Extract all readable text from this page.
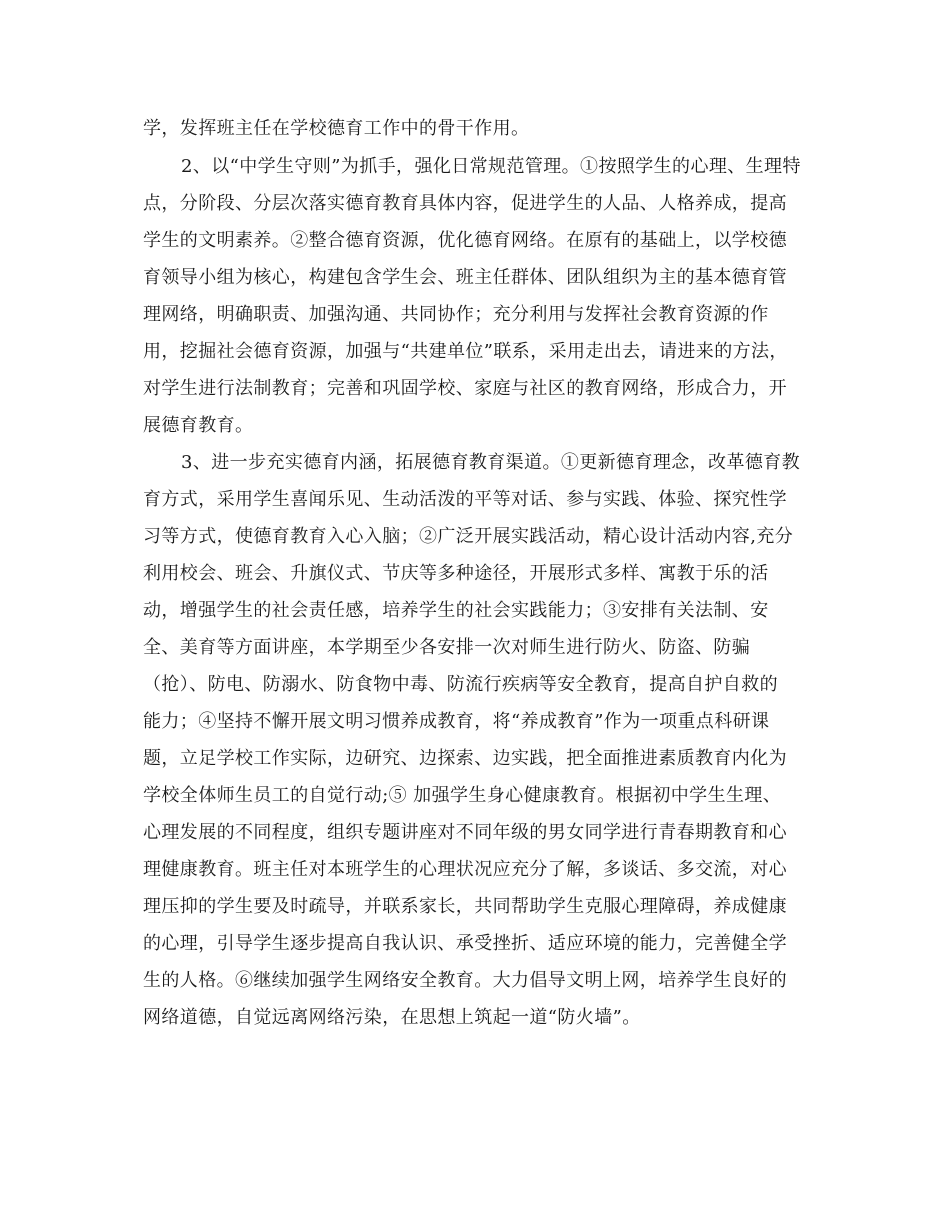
学，发挥班主任在学校德育工作中的骨干作用。
2、以“中学生守则”为抓手，强化日常规范管理。①按照学生的心理、生理特
点，分阶段、分层次落实德育教育具体内容，促进学生的人品、人格养成，提高
学生的文明素养。②整合德育资源，优化德育网络。在原有的基础上，以学校德
育领导小组为核心，构建包含学生会、班主任群体、团队组织为主的基本德育管
理网络，明确职责、加强沟通、共同协作；充分利用与发挥社会教育资源的作
用，挖掘社会德育资源，加强与“共建单位”联系，采用走出去，请进来的方法，
对学生进行法制教育；完善和巩固学校、家庭与社区的教育网络，形成合力，开
展德育教育。
3、进一步充实德育内涵，拓展德育教育渠道。①更新德育理念，改革德育教
育方式，采用学生喜闻乐见、生动活泼的平等对话、参与实践、体验、探究性学
习等方式，使德育教育入心入脑；②广泛开展实践活动，精心设计活动内容,充分
利用校会、班会、升旗仪式、节庆等多种途径，开展形式多样、寓教于乐的活
动，增强学生的社会责任感，培养学生的社会实践能力；③安排有关法制、安
全、美育等方面讲座，本学期至少各安排一次对师生进行防火、防盗、防骗
（抢）、防电、防溺水、防食物中毒、防流行疾病等安全教育，提高自护自救的
能力；④坚持不懈开展文明习惯养成教育，将“养成教育”作为一项重点科研课
题，立足学校工作实际，边研究、边探索、边实践，把全面推进素质教育内化为
学校全体师生员工的自觉行动;⑤ 加强学生身心健康教育。根据初中学生生理、
心理发展的不同程度，组织专题讲座对不同年级的男女同学进行青春期教育和心
理健康教育。班主任对本班学生的心理状况应充分了解，多谈话、多交流，对心
理压抑的学生要及时疏导，并联系家长，共同帮助学生克服心理障碍，养成健康
的心理，引导学生逐步提高自我认识、承受挫折、适应环境的能力，完善健全学
生的人格。⑥继续加强学生网络安全教育。大力倡导文明上网，培养学生良好的
网络道德，自觉远离网络污染，在思想上筑起一道“防火墙”。
